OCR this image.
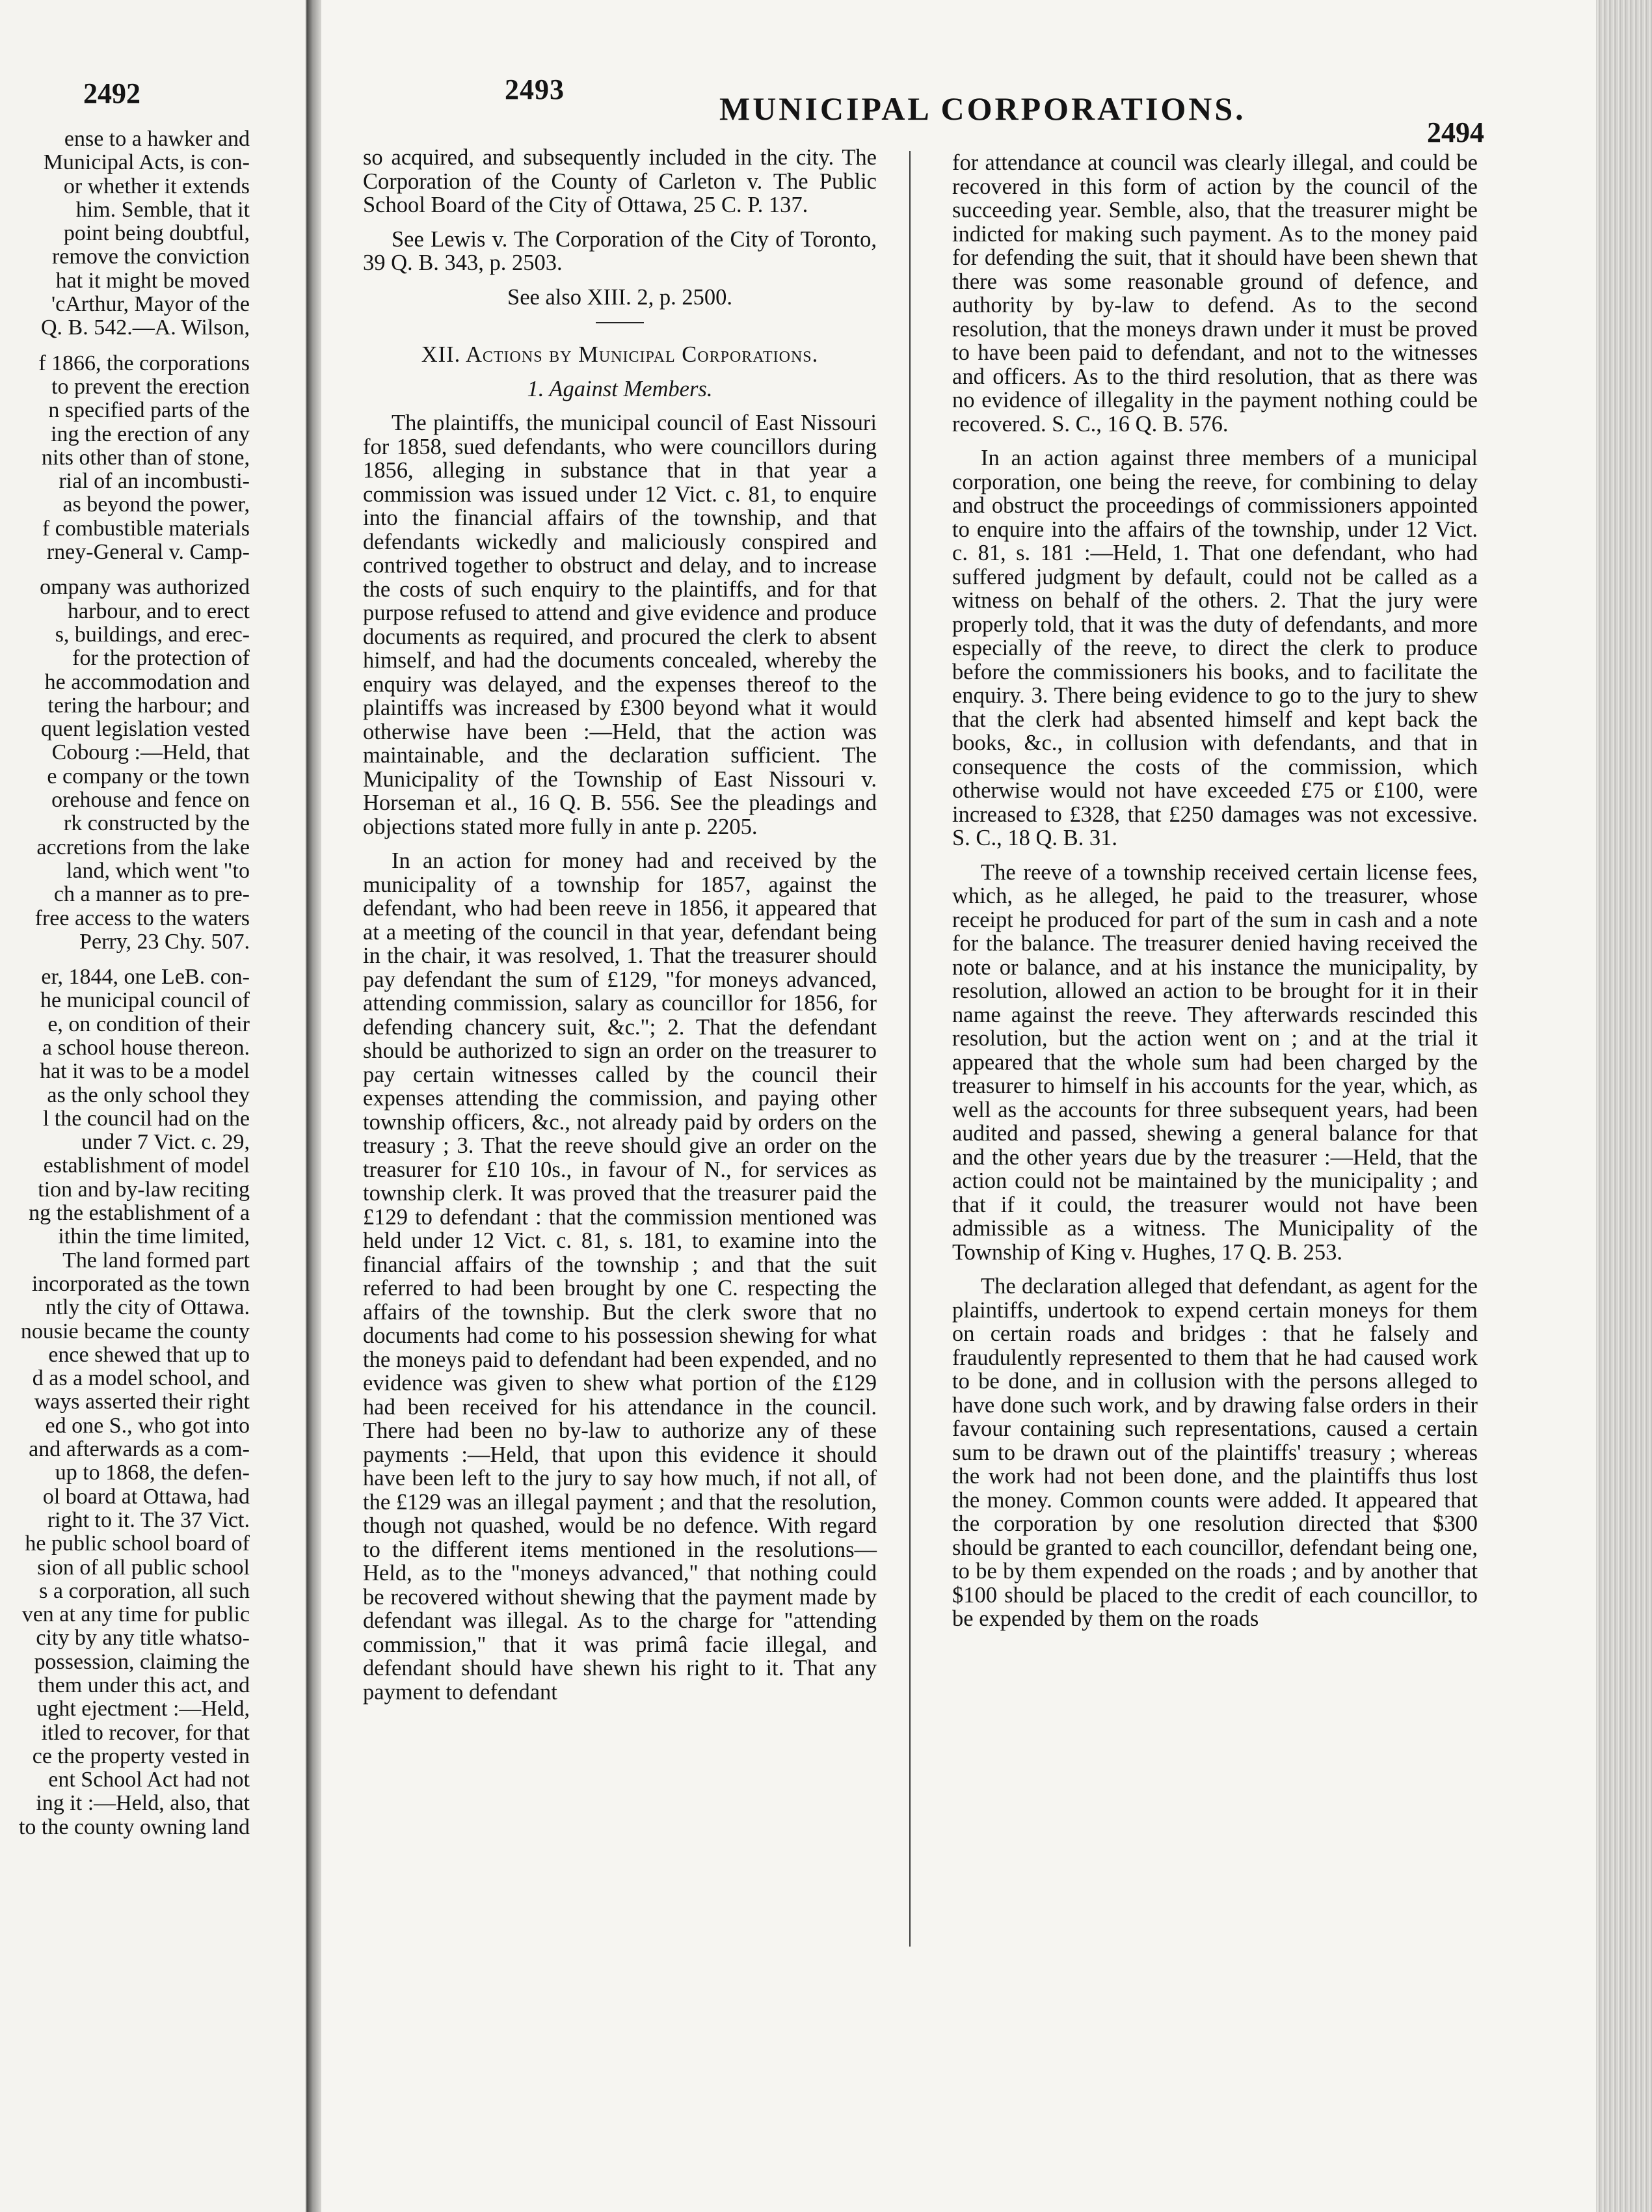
2492
ense to a hawker and
Municipal Acts, is con-
or whether it extends
him. Semble, that it
point being doubtful,
remove the conviction
hat it might be moved
'cArthur, Mayor of the
Q. B. 542.—A. Wilson,

f 1866, the corporations
to prevent the erection
n specified parts of the
ing the erection of any
nits other than of stone,
rial of an incombusti-
as beyond the power,
f combustible materials
rney-General v. Camp-

ompany was authorized
harbour, and to erect
s, buildings, and erec-
for the protection of
he accommodation and
tering the harbour; and
quent legislation vested
Cobourg :—Held, that
e company or the town
orehouse and fence on
rk constructed by the
accretions from the lake
land, which went "to
ch a manner as to pre-
free access to the waters
Perry, 23 Chy. 507.

er, 1844, one LeB. con-
he municipal council of
e, on condition of their
a school house thereon.
hat it was to be a model
as the only school they
l the council had on the
under 7 Vict. c. 29,
establishment of model
tion and by-law reciting
ng the establishment of a
ithin the time limited,
The land formed part
incorporated as the town
ntly the city of Ottawa.
nousie became the county
ence shewed that up to
d as a model school, and
ways asserted their right
ed one S., who got into
and afterwards as a com-
up to 1868, the defen-
ol board at Ottawa, had
right to it. The 37 Vict.
he public school board of
sion of all public school
s a corporation, all such
ven at any time for public
city by any title whatso-
possession, claiming the
them under this act, and
ught ejectment :—Held,
itled to recover, for that
ce the property vested in
ent School Act had not
ing it :—Held, also, that
to the county owning land
2493
MUNICIPAL CORPORATIONS.
2494

so acquired, and subsequently included in the city. The Corporation of the County of Carleton v. The Public School Board of the City of Ottawa, 25 C. P. 137.

See Lewis v. The Corporation of the City of Toronto, 39 Q. B. 343, p. 2503.

See also XIII. 2, p. 2500.

XII. Actions by Municipal Corporations.

1. Against Members.

The plaintiffs, the municipal council of East Nissouri for 1858, sued defendants, who were councillors during 1856, alleging in substance that in that year a commission was issued under 12 Vict. c. 81, to enquire into the financial affairs of the township, and that defendants wickedly and maliciously conspired and contrived together to obstruct and delay, and to increase the costs of such enquiry to the plaintiffs, and for that purpose refused to attend and give evidence and produce documents as required, and procured the clerk to absent himself, and had the documents concealed, whereby the enquiry was delayed, and the expenses thereof to the plaintiffs was increased by £300 beyond what it would otherwise have been :—Held, that the action was maintainable, and the declaration sufficient. The Municipality of the Township of East Nissouri v. Horseman et al., 16 Q. B. 556. See the pleadings and objections stated more fully in ante p. 2205.

In an action for money had and received by the municipality of a township for 1857, against the defendant, who had been reeve in 1856, it appeared that at a meeting of the council in that year, defendant being in the chair, it was resolved, 1. That the treasurer should pay defendant the sum of £129, "for moneys advanced, attending commission, salary as councillor for 1856, for defending chancery suit, &c."; 2. That the defendant should be authorized to sign an order on the treasurer to pay certain witnesses called by the council their expenses attending the commission, and paying other township officers, &c., not already paid by orders on the treasury ; 3. That the reeve should give an order on the treasurer for £10 10s., in favour of N., for services as township clerk. It was proved that the treasurer paid the £129 to defendant : that the commission mentioned was held under 12 Vict. c. 81, s. 181, to examine into the financial affairs of the township ; and that the suit referred to had been brought by one C. respecting the affairs of the township. But the clerk swore that no documents had come to his possession shewing for what the moneys paid to defendant had been expended, and no evidence was given to shew what portion of the £129 had been received for his attendance in the council. There had been no by-law to authorize any of these payments :—Held, that upon this evidence it should have been left to the jury to say how much, if not all, of the £129 was an illegal payment ; and that the resolution, though not quashed, would be no defence. With regard to the different items mentioned in the resolutions—Held, as to the "moneys advanced," that nothing could be recovered without shewing that the payment made by defendant was illegal. As to the charge for "attending commission," that it was primâ facie illegal, and defendant should have shewn his right to it. That any payment to defendant

for attendance at council was clearly illegal, and could be recovered in this form of action by the council of the succeeding year. Semble, also, that the treasurer might be indicted for making such payment. As to the money paid for defending the suit, that it should have been shewn that there was some reasonable ground of defence, and authority by by-law to defend. As to the second resolution, that the moneys drawn under it must be proved to have been paid to defendant, and not to the witnesses and officers. As to the third resolution, that as there was no evidence of illegality in the payment nothing could be recovered. S. C., 16 Q. B. 576.

In an action against three members of a municipal corporation, one being the reeve, for combining to delay and obstruct the proceedings of commissioners appointed to enquire into the affairs of the township, under 12 Vict. c. 81, s. 181 :—Held, 1. That one defendant, who had suffered judgment by default, could not be called as a witness on behalf of the others. 2. That the jury were properly told, that it was the duty of defendants, and more especially of the reeve, to direct the clerk to produce before the commissioners his books, and to facilitate the enquiry. 3. There being evidence to go to the jury to shew that the clerk had absented himself and kept back the books, &c., in collusion with defendants, and that in consequence the costs of the commission, which otherwise would not have exceeded £75 or £100, were increased to £328, that £250 damages was not excessive. S. C., 18 Q. B. 31.

The reeve of a township received certain license fees, which, as he alleged, he paid to the treasurer, whose receipt he produced for part of the sum in cash and a note for the balance. The treasurer denied having received the note or balance, and at his instance the municipality, by resolution, allowed an action to be brought for it in their name against the reeve. They afterwards rescinded this resolution, but the action went on ; and at the trial it appeared that the whole sum had been charged by the treasurer to himself in his accounts for the year, which, as well as the accounts for three subsequent years, had been audited and passed, shewing a general balance for that and the other years due by the treasurer :—Held, that the action could not be maintained by the municipality ; and that if it could, the treasurer would not have been admissible as a witness. The Municipality of the Township of King v. Hughes, 17 Q. B. 253.

The declaration alleged that defendant, as agent for the plaintiffs, undertook to expend certain moneys for them on certain roads and bridges : that he falsely and fraudulently represented to them that he had caused work to be done, and in collusion with the persons alleged to have done such work, and by drawing false orders in their favour containing such representations, caused a certain sum to be drawn out of the plaintiffs' treasury ; whereas the work had not been done, and the plaintiffs thus lost the money. Common counts were added. It appeared that the corporation by one resolution directed that $300 should be granted to each councillor, defendant being one, to be by them expended on the roads ; and by another that $100 should be placed to the credit of each councillor, to be expended by them on the roads
